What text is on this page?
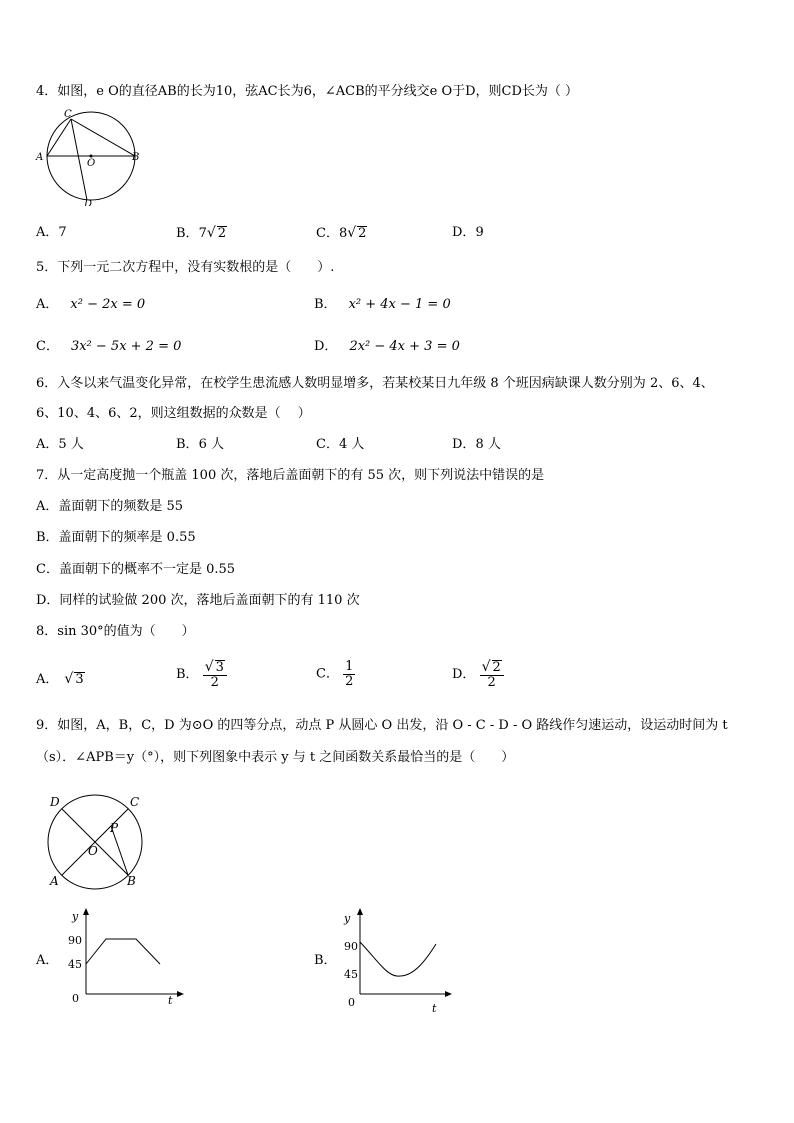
4．如图，e O的直径AB的长为10，弦AC长为6，∠ACB的平分线交e O于D，则CD长为（ ）
C
A	B
O
D
A．7	B．7√ 2	C．8√ 2	D．9
5．下列一元二次方程中，没有实数根的是（　　）.
A． x² − 2x = 0	B． x² + 4x − 1 = 0
C． 3x² − 5x + 2 = 0	D． 2x² − 4x + 3 = 0
6．入冬以来气温变化异常，在校学生患流感人数明显增多，若某校某日九年级 8 个班因病缺课人数分别为 2、6、4、
6、10、4、6、2，则这组数据的众数是（　 ）
A．5 人	B．6 人	C．4 人	D．8 人
7．从一定高度抛一个瓶盖 100 次，落地后盖面朝下的有 55 次，则下列说法中错误的是
A．盖面朝下的频数是 55
B．盖面朝下的频率是 0.55
C．盖面朝下的概率不一定是 0.55
D．同样的试验做 200 次，落地后盖面朝下的有 110 次
8．sin 30°的值为（　　）
A． √ 3	B． $\frac{√ 3}{2}$	C． $\frac{1}{2}$	D． $\frac{√ 2}{2}$
9．如图，A，B，C，D 为⊙O 的四等分点，动点 P 从圆心 O 出发，沿 O - C - D - O 路线作匀速运动，设运动时间为 t
（s）．∠APB＝y（°），则下列图象中表示 y 与 t 之间函数关系最恰当的是（　　）
D	C
P
O
A	B
A．
y
90
45
0	t
B．
y
90
45
0	t
